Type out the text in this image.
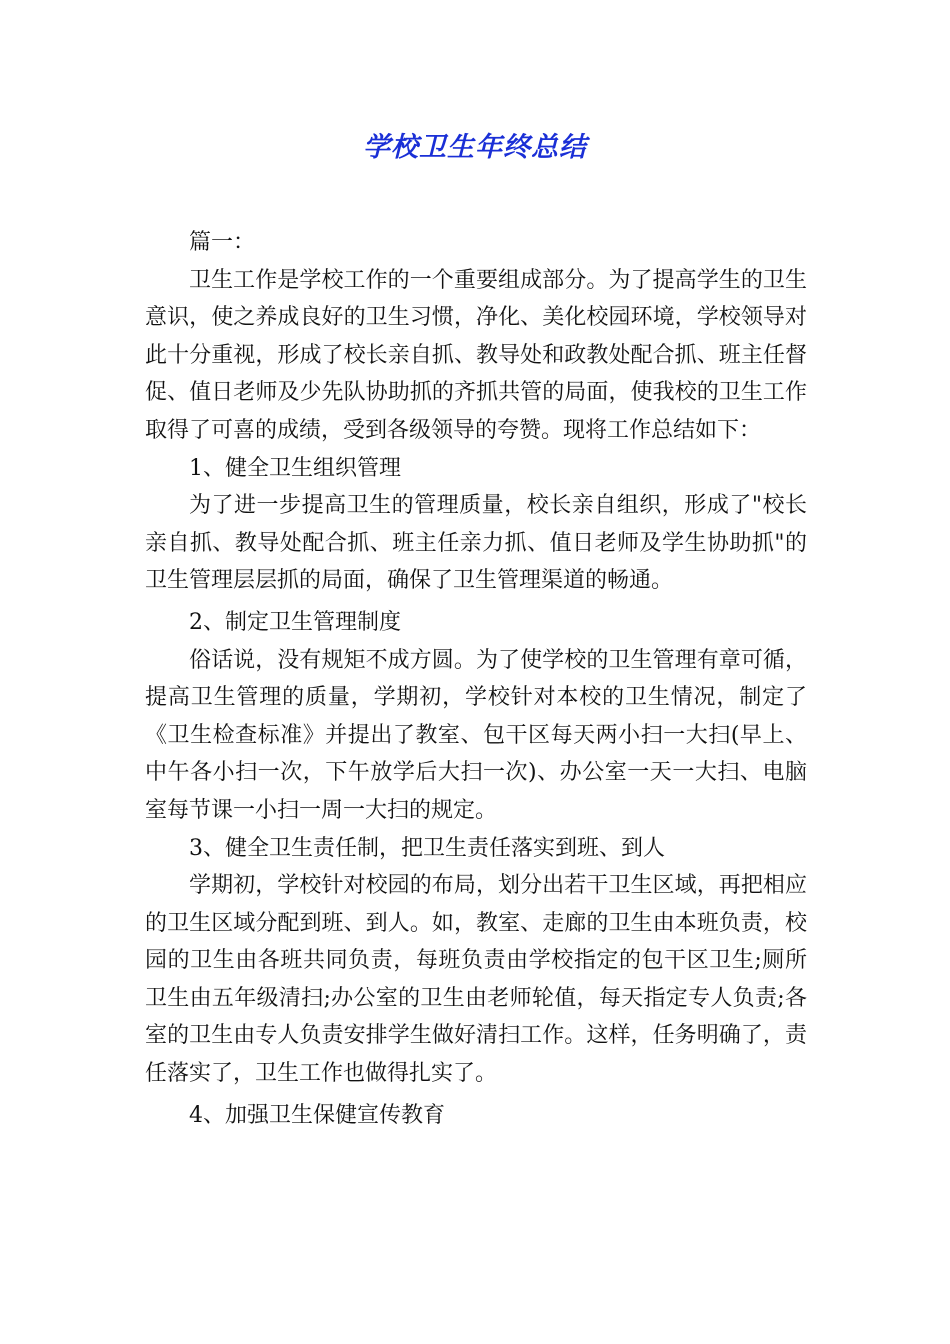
学校卫生年终总结

篇一：

卫生工作是学校工作的一个重要组成部分。为了提高学生的卫生意识，使之养成良好的卫生习惯，净化、美化校园环境，学校领导对此十分重视，形成了校长亲自抓、教导处和政教处配合抓、班主任督促、值日老师及少先队协助抓的齐抓共管的局面，使我校的卫生工作取得了可喜的成绩，受到各级领导的夸赞。现将工作总结如下：

1、健全卫生组织管理

为了进一步提高卫生的管理质量，校长亲自组织，形成了"校长亲自抓、教导处配合抓、班主任亲力抓、值日老师及学生协助抓"的卫生管理层层抓的局面，确保了卫生管理渠道的畅通。

2、制定卫生管理制度

俗话说，没有规矩不成方圆。为了使学校的卫生管理有章可循，提高卫生管理的质量，学期初，学校针对本校的卫生情况，制定了《卫生检查标准》并提出了教室、包干区每天两小扫一大扫(早上、中午各小扫一次，下午放学后大扫一次)、办公室一天一大扫、电脑室每节课一小扫一周一大扫的规定。

3、健全卫生责任制，把卫生责任落实到班、到人

学期初，学校针对校园的布局，划分出若干卫生区域，再把相应的卫生区域分配到班、到人。如，教室、走廊的卫生由本班负责，校园的卫生由各班共同负责，每班负责由学校指定的包干区卫生;厕所卫生由五年级清扫;办公室的卫生由老师轮值，每天指定专人负责;各室的卫生由专人负责安排学生做好清扫工作。这样，任务明确了，责任落实了，卫生工作也做得扎实了。

4、加强卫生保健宣传教育
